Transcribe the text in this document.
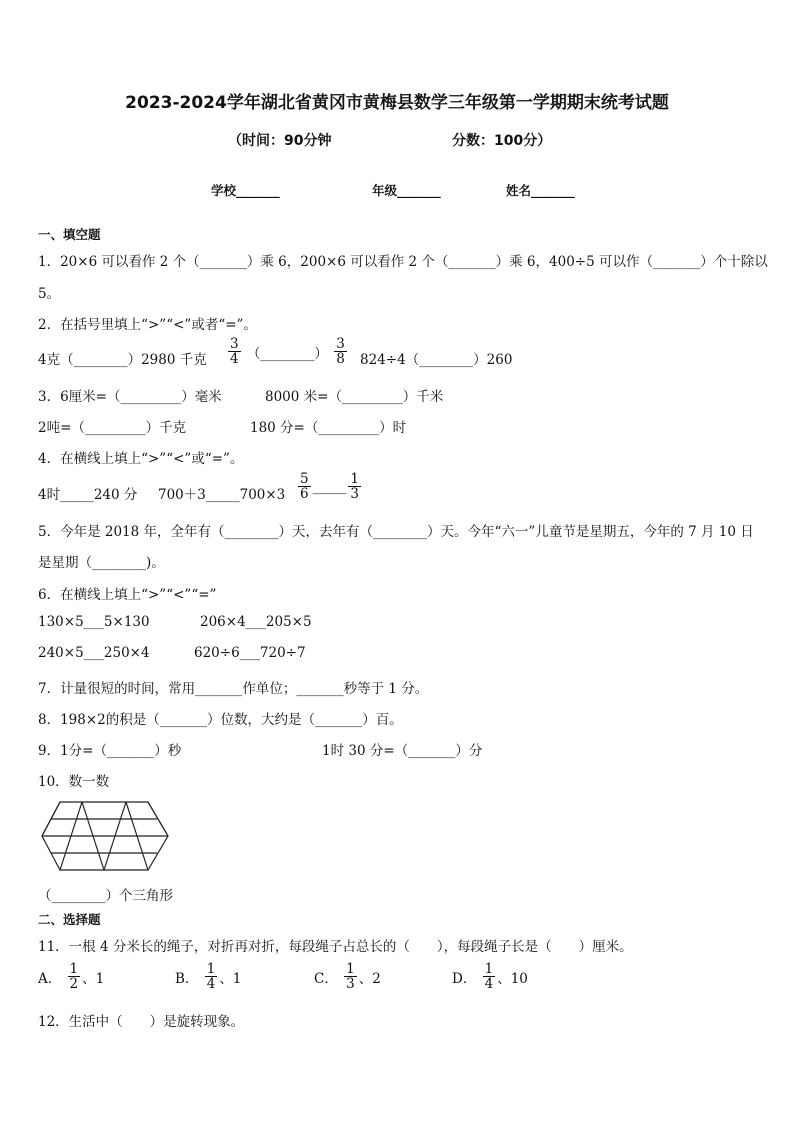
2023-2024学年湖北省黄冈市黄梅县数学三年级第一学期期末统考试题
（时间：90分钟	分数：100分）
学校_______	年级_______	姓名_______
一、填空题
1．20×6 可以看作 2 个（_______）乘 6，200×6 可以看作 2 个（_______）乘 6，400÷5 可以作（_______）个十除以
5。
2．在括号里填上“>”“<”或者“=”。
4克（________）2980 千克 $\frac{3}{4}$ （________） $\frac{3}{8}$ 824÷4（________）260
3．6厘米=（_________）毫米	8000 米=（_________）千米
2吨=（_________）千克	180 分=（_________）时
4．在横线上填上“>”“<”或“=”。
4时_____240 分 700＋3_____700×3 $\frac{5}{6}$ _____ $\frac{1}{3}$
5．今年是 2018 年，全年有（________）天，去年有（________）天。今年“六一”儿童节是星期五，今年的 7 月 10 日
是星期（________)。
6．在横线上填上“>”“<”“=”
130×5___5×130	206×4___205×5
240×5___250×4	620÷6___720÷7
7．计量很短的时间，常用_______作单位；_______秒等于 1 分。
8．198×2的积是（_______）位数，大约是（_______）百。
9．1分=（_______）秒	1时 30 分=（_______）分
10．数一数
（________）个三角形
二、选择题
11．一根 4 分米长的绳子，对折再对折，每段绳子占总长的（　　），每段绳子长是（　　）厘米。
A． $\frac{1}{2}$ 、1	B． $\frac{1}{4}$ 、1	C． $\frac{1}{3}$ 、2	D． $\frac{1}{4}$ 、10
12．生活中（　　）是旋转现象。
